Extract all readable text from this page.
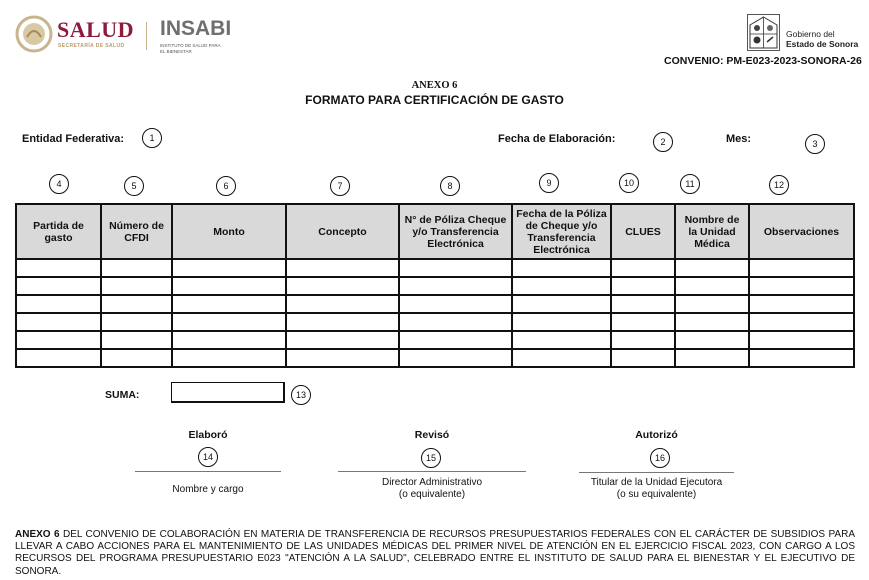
SALUD
SECRETARÍA DE SALUD
INSABI
INSTITUTO DE SALUD PARA
EL BIENESTAR
Gobierno del
Estado de Sonora
CONVENIO: PM-E023-2023-SONORA-26
ANEXO 6
FORMATO PARA CERTIFICACIÓN DE GASTO
Entidad Federativa:	1	Fecha de Elaboración:	2	Mes:	3
4	5	6	7	8	9	10	11	12
Partida de gasto	Número de CFDI	Monto	Concepto	N° de Póliza Cheque y/o Transferencia Electrónica	Fecha de la Póliza de Cheque y/o Transferencia Electrónica	CLUES	Nombre de la Unidad Médica	Observaciones

SUMA:	13
Elaboró
14
Nombre y cargo
Revisó
15
Director Administrativo
(o equivalente)
Autorizó
16
Titular de la Unidad Ejecutora
(o su equivalente)
ANEXO 6 DEL CONVENIO DE COLABORACIÓN EN MATERIA DE TRANSFERENCIA DE RECURSOS PRESUPUESTARIOS FEDERALES CON EL CARÁCTER DE SUBSIDIOS PARA LLEVAR A CABO ACCIONES PARA EL MANTENIMIENTO DE LAS UNIDADES MÉDICAS DEL PRIMER NIVEL DE ATENCIÓN EN EL EJERCICIO FISCAL 2023, CON CARGO A LOS RECURSOS DEL PROGRAMA PRESUPUESTARIO E023 "ATENCIÓN A LA SALUD", CELEBRADO ENTRE EL INSTITUTO DE SALUD PARA EL BIENESTAR Y EL EJECUTIVO DE SONORA.
